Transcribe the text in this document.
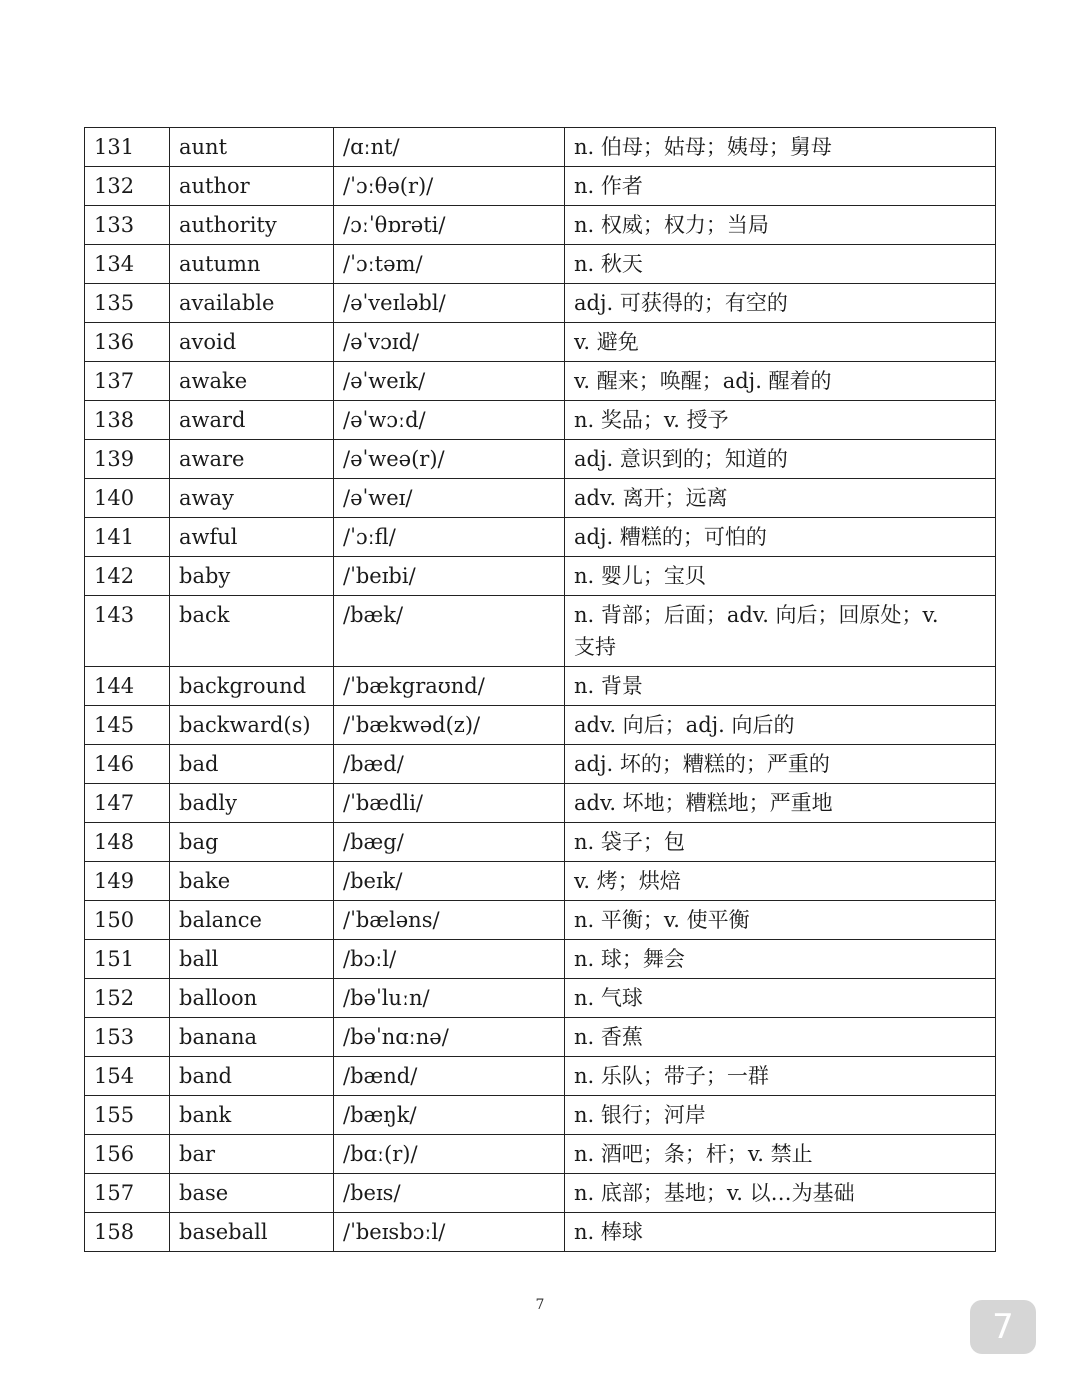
131	aunt	/ɑːnt/	n. 伯母；姑母；姨母；舅母
132	author	/ˈɔːθə(r)/	n. 作者
133	authority	/ɔːˈθɒrəti/	n. 权威；权力；当局
134	autumn	/ˈɔːtəm/	n. 秋天
135	available	/əˈveɪləbl/	adj. 可获得的；有空的
136	avoid	/əˈvɔɪd/	v. 避免
137	awake	/əˈweɪk/	v. 醒来；唤醒；adj. 醒着的
138	award	/əˈwɔːd/	n. 奖品；v. 授予
139	aware	/əˈweə(r)/	adj. 意识到的；知道的
140	away	/əˈweɪ/	adv. 离开；远离
141	awful	/ˈɔːfl/	adj. 糟糕的；可怕的
142	baby	/ˈbeɪbi/	n. 婴儿；宝贝
143	back	/bæk/	n. 背部；后面；adv. 向后；回原处；v. 支持
144	background	/ˈbækgraʊnd/	n. 背景
145	backward(s)	/ˈbækwəd(z)/	adv. 向后；adj. 向后的
146	bad	/bæd/	adj. 坏的；糟糕的；严重的
147	badly	/ˈbædli/	adv. 坏地；糟糕地；严重地
148	bag	/bæg/	n. 袋子；包
149	bake	/beɪk/	v. 烤；烘焙
150	balance	/ˈbæləns/	n. 平衡；v. 使平衡
151	ball	/bɔːl/	n. 球；舞会
152	balloon	/bəˈluːn/	n. 气球
153	banana	/bəˈnɑːnə/	n. 香蕉
154	band	/bænd/	n. 乐队；带子；一群
155	bank	/bæŋk/	n. 银行；河岸
156	bar	/bɑː(r)/	n. 酒吧；条；杆；v. 禁止
157	base	/beɪs/	n. 底部；基地；v. 以…为基础
158	baseball	/ˈbeɪsbɔːl/	n. 棒球
7
7
